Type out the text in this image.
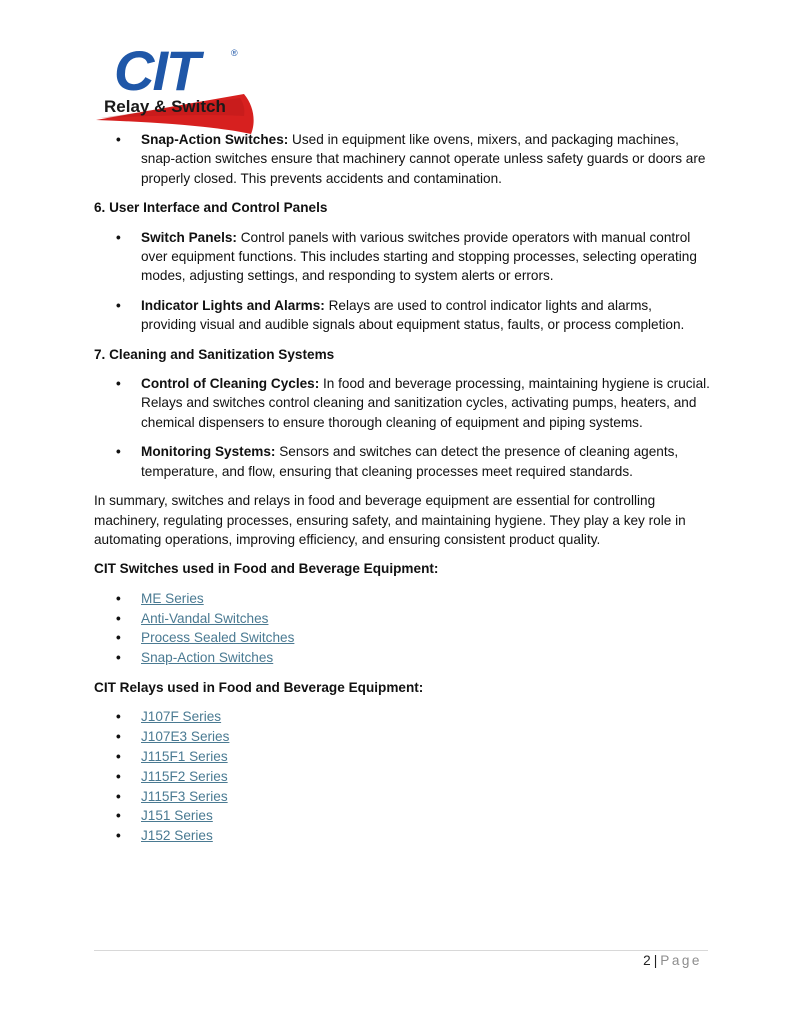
CIT	®
Relay & Switch
• Snap-Action Switches: Used in equipment like ovens, mixers, and packaging machines, snap-action switches ensure that machinery cannot operate unless safety guards or doors are properly closed. This prevents accidents and contamination.

6. User Interface and Control Panels

• Switch Panels: Control panels with various switches provide operators with manual control over equipment functions. This includes starting and stopping processes, selecting operating modes, adjusting settings, and responding to system alerts or errors.
• Indicator Lights and Alarms: Relays are used to control indicator lights and alarms, providing visual and audible signals about equipment status, faults, or process completion.

7. Cleaning and Sanitization Systems

• Control of Cleaning Cycles: In food and beverage processing, maintaining hygiene is crucial. Relays and switches control cleaning and sanitization cycles, activating pumps, heaters, and chemical dispensers to ensure thorough cleaning of equipment and piping systems.
• Monitoring Systems: Sensors and switches can detect the presence of cleaning agents, temperature, and flow, ensuring that cleaning processes meet required standards.

In summary, switches and relays in food and beverage equipment are essential for controlling machinery, regulating processes, ensuring safety, and maintaining hygiene. They play a key role in automating operations, improving efficiency, and ensuring consistent product quality.

CIT Switches used in Food and Beverage Equipment:

• ME Series
• Anti-Vandal Switches
• Process Sealed Switches
• Snap-Action Switches

CIT Relays used in Food and Beverage Equipment:

• J107F Series
• J107E3 Series
• J115F1 Series
• J115F2 Series
• J115F3 Series
• J151 Series
• J152 Series
2 | Page
